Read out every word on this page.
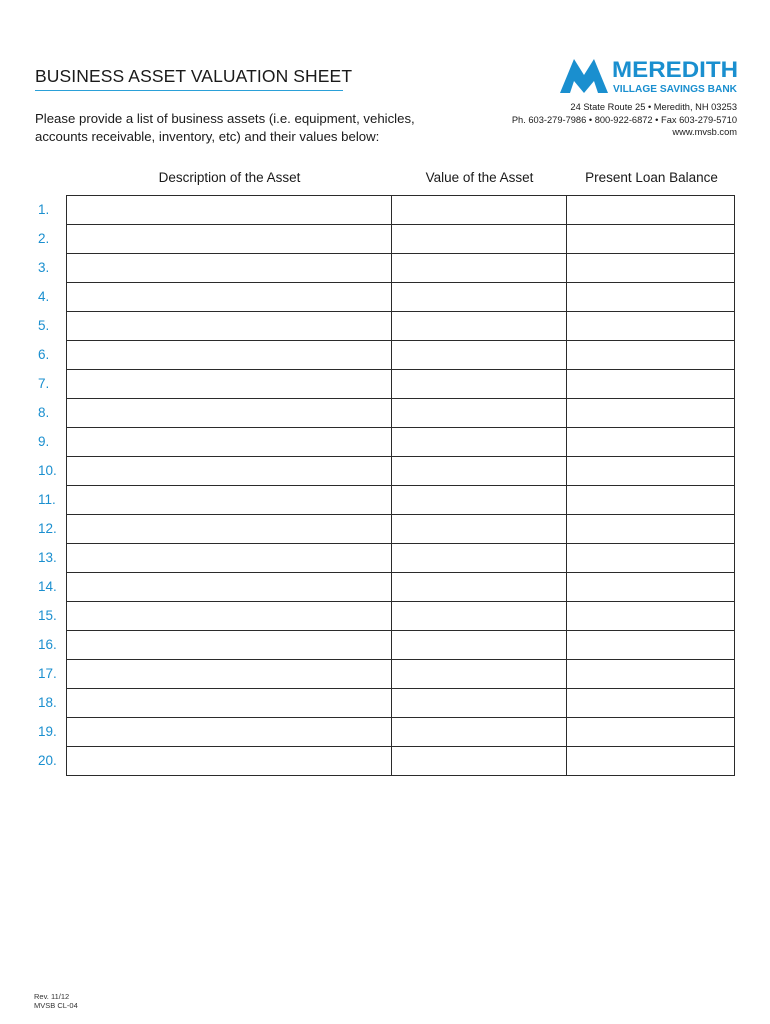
BUSINESS ASSET VALUATION SHEET
Please provide a list of business assets (i.e. equipment, vehicles,
accounts receivable, inventory, etc) and their values below:
MEREDITH
VILLAGE SAVINGS BANK
24 State Route 25 • Meredith, NH 03253
Ph. 603-279-7986 • 800-922-6872 • Fax 603-279-5710
www.mvsb.com
Description of the Asset	Value of the Asset	Present Loan Balance
1.
2.
3.
4.
5.
6.
7.
8.
9.
10.
11.
12.
13.
14.
15.
16.
17.
18.
19.
20.

Rev. 11/12
MVSB CL-04
